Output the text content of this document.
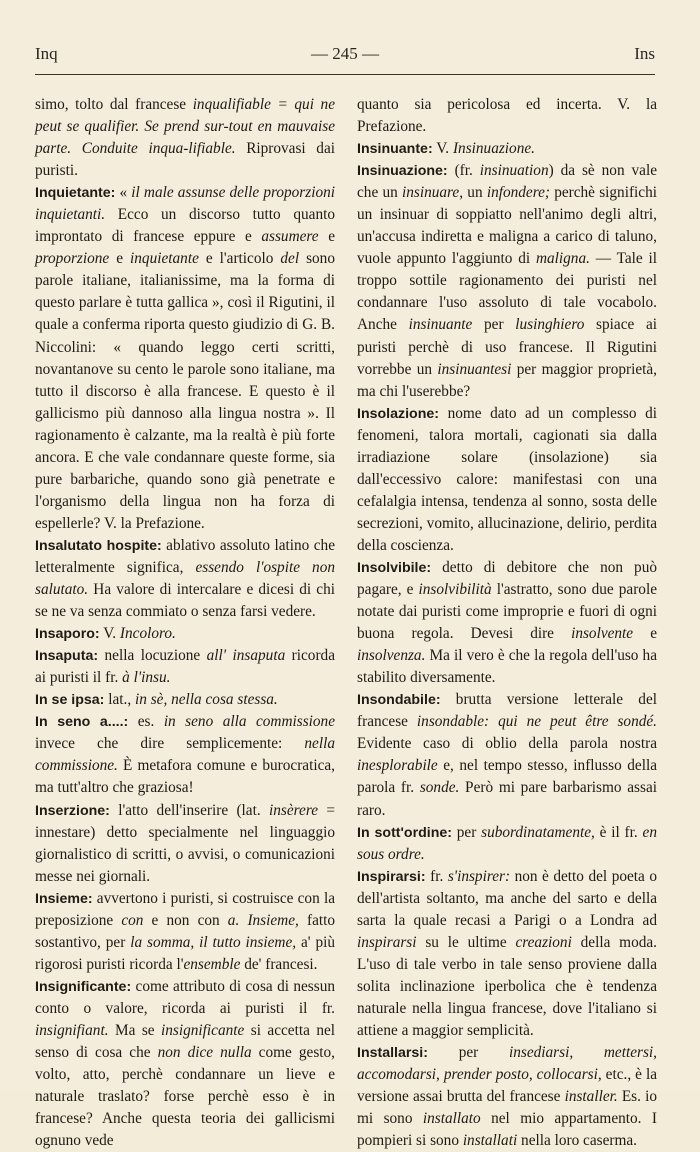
Inq	— 245 —	Ins

simo, tolto dal francese inqualifiable = qui ne peut se qualifier. Se prend sur-tout en mauvaise parte. Conduite inqua-lifiable. Riprovasi dai puristi.

Inquietante: « il male assunse delle proporzioni inquietanti. Ecco un discorso tutto quanto improntato di francese eppure e assumere e proporzione e inquietante e l'articolo del sono parole italiane, italianissime, ma la forma di questo parlare è tutta gallica », così il Rigutini, il quale a conferma riporta questo giudizio di G. B. Niccolini: « quando leggo certi scritti, novantanove su cento le parole sono italiane, ma tutto il discorso è alla francese. E questo è il gallicismo più dannoso alla lingua nostra ». Il ragionamento è calzante, ma la realtà è più forte ancora. E che vale condannare queste forme, sia pure barbariche, quando sono già penetrate e l'organismo della lingua non ha forza di espellerle? V. la Prefazione.

Insalutato hospite: ablativo assoluto latino che letteralmente significa, essendo l'ospite non salutato. Ha valore di intercalare e dicesi di chi se ne va senza commiato o senza farsi vedere.

Insaporo: V. Incoloro.

Insaputa: nella locuzione all' insaputa ricorda ai puristi il fr. à l'insu.

In se ipsa: lat., in sè, nella cosa stessa.

In seno a....: es. in seno alla commissione invece che dire semplicemente: nella commissione. È metafora comune e burocratica, ma tutt'altro che graziosa!

Inserzione: l'atto dell'inserire (lat. insèrere = innestare) detto specialmente nel linguaggio giornalistico di scritti, o avvisi, o comunicazioni messe nei giornali.

Insieme: avvertono i puristi, si costruisce con la preposizione con e non con a. Insieme, fatto sostantivo, per la somma, il tutto insieme, a' più rigorosi puristi ricorda l'ensemble de' francesi.

Insignificante: come attributo di cosa di nessun conto o valore, ricorda ai puristi il fr. insignifiant. Ma se insignificante si accetta nel senso di cosa che non dice nulla come gesto, volto, atto, perchè condannare un lieve e naturale traslato? forse perchè esso è in francese? Anche questa teoria dei gallicismi ognuno vede

quanto sia pericolosa ed incerta. V. la Prefazione.

Insinuante: V. Insinuazione.

Insinuazione: (fr. insinuation) da sè non vale che un insinuare, un infondere; perchè significhi un insinuar di soppiatto nell'animo degli altri, un'accusa indiretta e maligna a carico di taluno, vuole appunto l'aggiunto di maligna. — Tale il troppo sottile ragionamento dei puristi nel condannare l'uso assoluto di tale vocabolo. Anche insinuante per lusinghiero spiace ai puristi perchè di uso francese. Il Rigutini vorrebbe un insinuantesi per maggior proprietà, ma chi l'userebbe?

Insolazione: nome dato ad un complesso di fenomeni, talora mortali, cagionati sia dalla irradiazione solare (insolazione) sia dall'eccessivo calore: manifestasi con una cefalalgia intensa, tendenza al sonno, sosta delle secrezioni, vomito, allucinazione, delirio, perdita della coscienza.

Insolvibile: detto di debitore che non può pagare, e insolvibilità l'astratto, sono due parole notate dai puristi come improprie e fuori di ogni buona regola. Devesi dire insolvente e insolvenza. Ma il vero è che la regola dell'uso ha stabilito diversamente.

Insondabile: brutta versione letterale del francese insondable: qui ne peut être sondé. Evidente caso di oblio della parola nostra inesplorabile e, nel tempo stesso, influsso della parola fr. sonde. Però mi pare barbarismo assai raro.

In sott'ordine: per subordinatamente, è il fr. en sous ordre.

Inspirarsi: fr. s'inspirer: non è detto del poeta o dell'artista soltanto, ma anche del sarto e della sarta la quale recasi a Parigi o a Londra ad inspirarsi su le ultime creazioni della moda. L'uso di tale verbo in tale senso proviene dalla solita inclinazione iperbolica che è tendenza naturale nella lingua francese, dove l'italiano si attiene a maggior semplicità.

Installarsi: per insediarsi, mettersi, accomodarsi, prender posto, collocarsi, etc., è la versione assai brutta del francese installer. Es. io mi sono installato nel mio appartamento. I pompieri si sono installati nella loro caserma.
